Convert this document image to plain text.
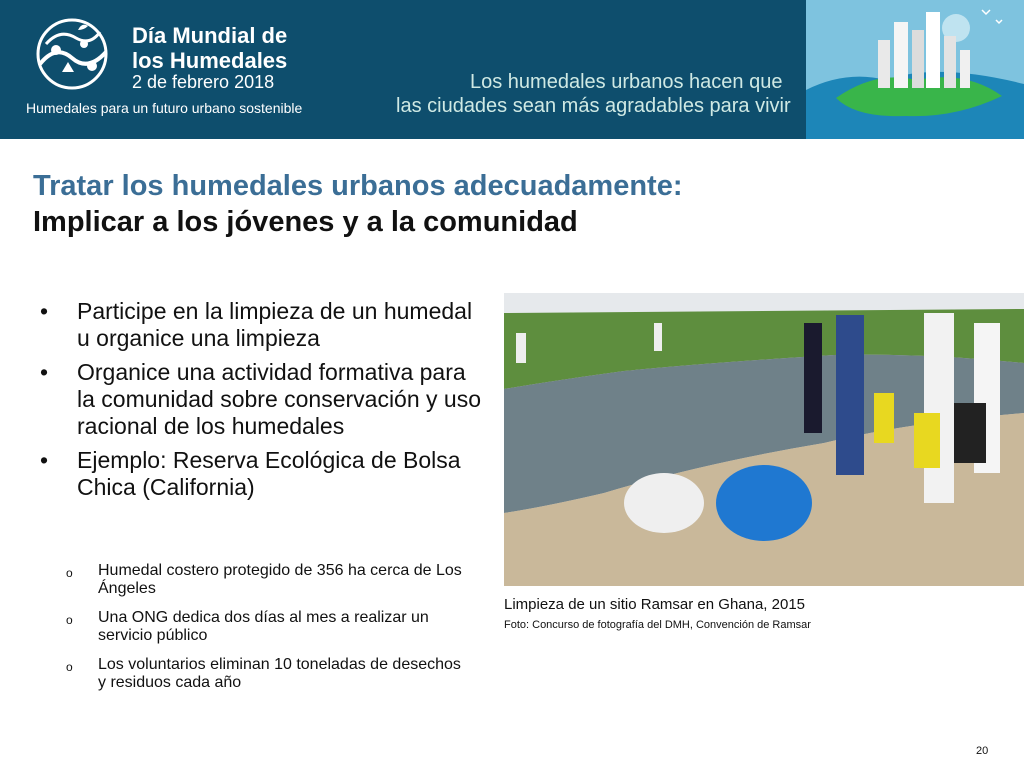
Día Mundial de
los Humedales
2 de febrero 2018
Humedales para un futuro urbano sostenible
Los humedales urbanos hacen que
las ciudades sean más agradables para vivir
Tratar los humedales urbanos adecuadamente:
Implicar a los jóvenes y a la comunidad
• Participe en la limpieza de un humedal u organice una limpieza
• Organice una actividad formativa para la comunidad sobre conservación y uso racional de los humedales
• Ejemplo: Reserva Ecológica de Bolsa Chica (California)
o Humedal costero protegido de 356 ha cerca de Los Ángeles
o Una ONG dedica dos días al mes a realizar un servicio público
o Los voluntarios eliminan 10 toneladas de desechos y residuos cada año
Limpieza de un sitio Ramsar en Ghana, 2015
Foto: Concurso de fotografía del DMH, Convención de Ramsar
20
